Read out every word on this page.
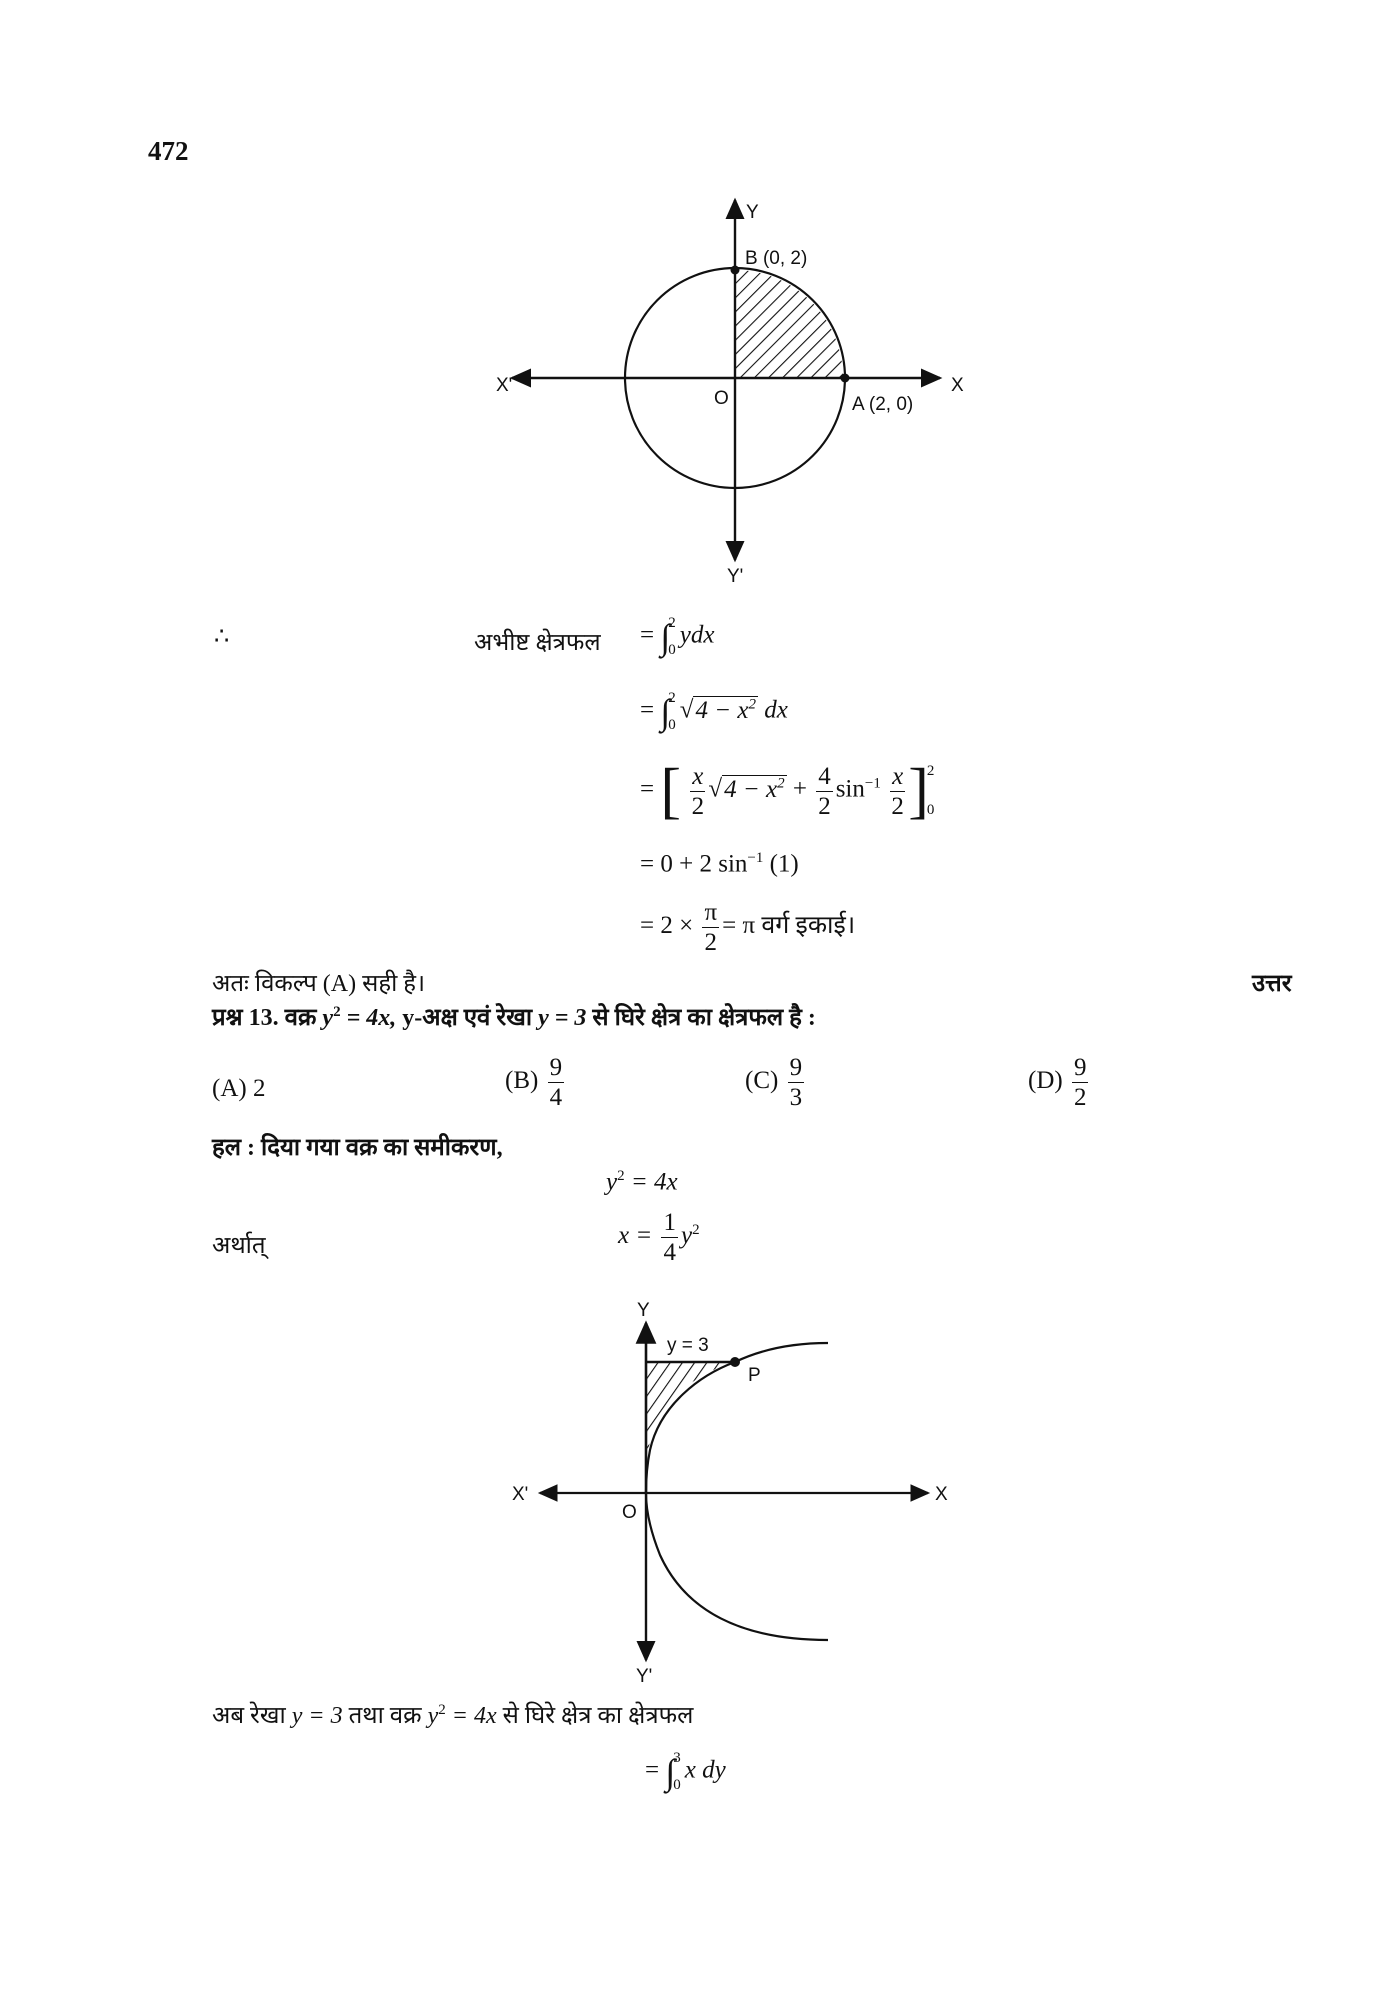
472
Y
B (0, 2)
X'
O	A (2, 0)
X
Y'
∴	अभीष्ट क्षेत्रफल = ∫
2
0
ydx
= ∫
2
0
$√4 - x^2$ dx
= [ $\frac{x}{2} √4 - x^2 + \frac{4}{2} \sin^{-1} \frac{x}{2}$ ]
2
0
= 0 + 2 $\sin^{-1} (1)$
= $2 \times \frac{\pi}{2} = \pi$ वर्ग इकाई।
अतः विकल्प (A) सही है।	उत्तर
प्रश्न 13. वक्र $y^2 = 4x$, y-अक्ष एवं रेखा y = 3 से घिरे क्षेत्र का क्षेत्रफल है :
(A) 2	$(B) \frac{9}{4}$	$(C) \frac{9}{3}$	$(D) \frac{9}{2}$
हल : दिया गया वक्र का समीकरण,
$y^2 = 4x$
अर्थात्	$x = \frac{1}{4} y^2$
Y
y = 3
P
X'
O
X
Y'
अब रेखा y = 3 तथा वक्र $y^2 = 4x$ से घिरे क्षेत्र का क्षेत्रफल
= ∫
3
0
x dy
